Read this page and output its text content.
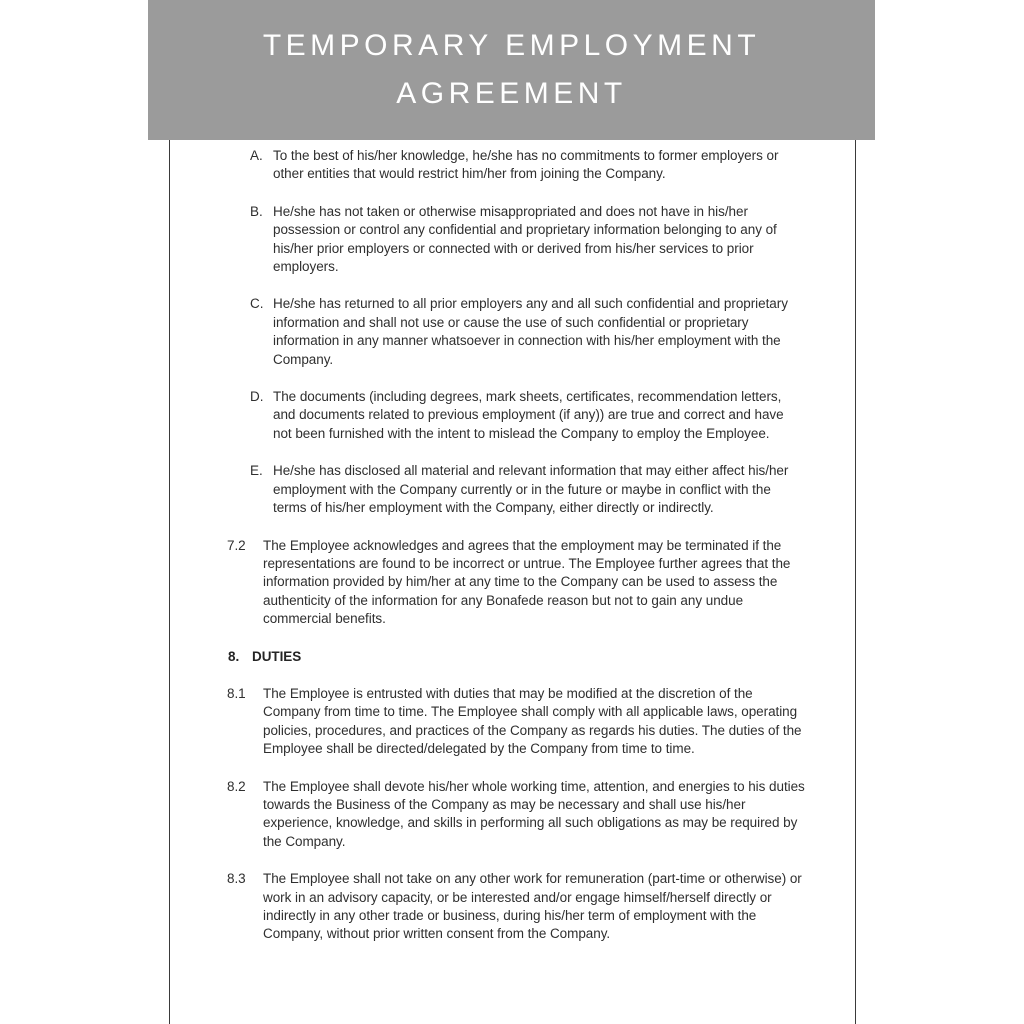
A. To the best of his/her knowledge, he/she has no commitments to former employers or other entities that would restrict him/her from joining the Company.
B. He/she has not taken or otherwise misappropriated and does not have in his/her possession or control any confidential and proprietary information belonging to any of his/her prior employers or connected with or derived from his/her services to prior employers.
C. He/she has returned to all prior employers any and all such confidential and proprietary information and shall not use or cause the use of such confidential or proprietary information in any manner whatsoever in connection with his/her employment with the Company.
D. The documents (including degrees, mark sheets, certificates, recommendation letters, and documents related to previous employment (if any)) are true and correct and have not been furnished with the intent to mislead the Company to employ the Employee.
E. He/she has disclosed all material and relevant information that may either affect his/her employment with the Company currently or in the future or maybe in conflict with the terms of his/her employment with the Company, either directly or indirectly.
7.2 The Employee acknowledges and agrees that the employment may be terminated if the representations are found to be incorrect or untrue. The Employee further agrees that the information provided by him/her at any time to the Company can be used to assess the authenticity of the information for any Bonafede reason but not to gain any undue commercial benefits.
8. DUTIES
8.1 The Employee is entrusted with duties that may be modified at the discretion of the Company from time to time. The Employee shall comply with all applicable laws, operating policies, procedures, and practices of the Company as regards his duties. The duties of the Employee shall be directed/delegated by the Company from time to time.
8.2 The Employee shall devote his/her whole working time, attention, and energies to his duties towards the Business of the Company as may be necessary and shall use his/her experience, knowledge, and skills in performing all such obligations as may be required by the Company.
8.3 The Employee shall not take on any other work for remuneration (part-time or otherwise) or work in an advisory capacity, or be interested and/or engage himself/herself directly or indirectly in any other trade or business, during his/her term of employment with the Company, without prior written consent from the Company.
TEMPORARY EMPLOYMENT
AGREEMENT
